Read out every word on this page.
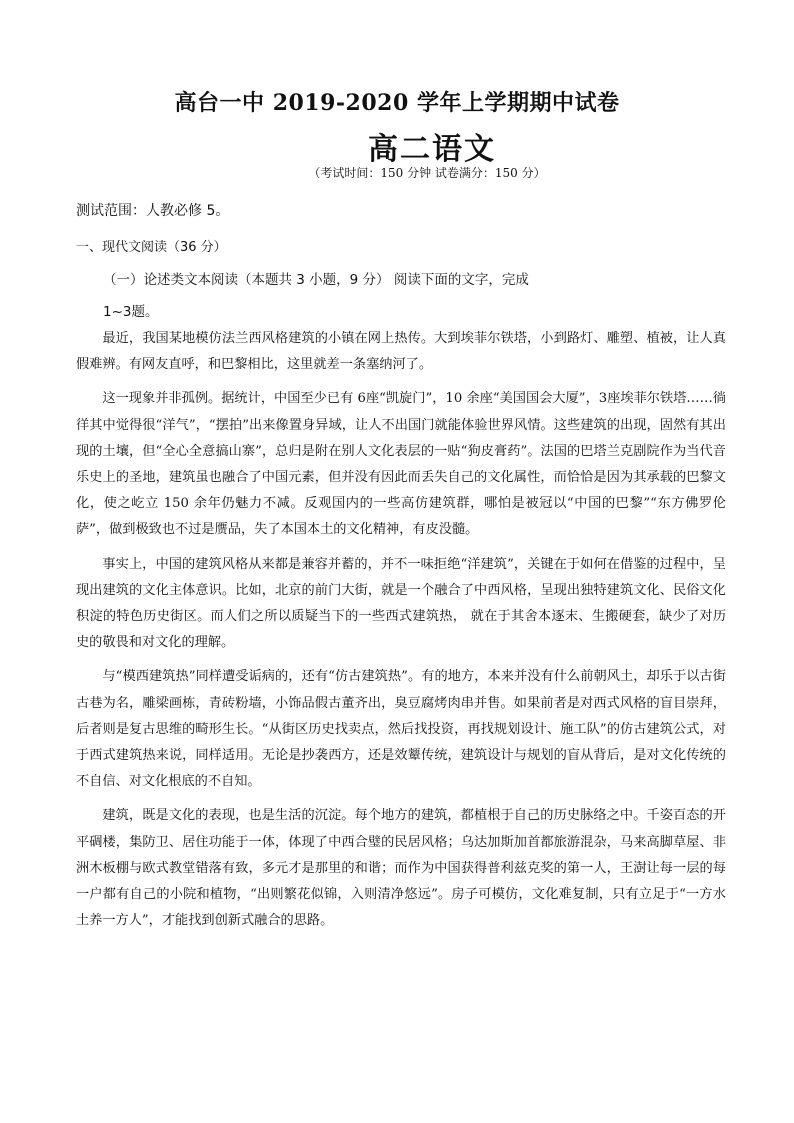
高台一中 2019-2020 学年上学期期中试卷
高二语文
（考试时间：150 分钟 试卷满分：150 分）
测试范围：人教必修 5。
一、现代文阅读（36 分）
（一）论述类文本阅读（本题共 3 小题，9 分） 阅读下面的文字，完成
1~3题。

最近，我国某地模仿法兰西风格建筑的小镇在网上热传。大到埃菲尔铁塔，小到路灯、雕塑、植被，让人真假难辨。有网友直呼，和巴黎相比，这里就差一条塞纳河了。

这一现象并非孤例。据统计，中国至少已有 6座“凯旋门”，10 余座“美国国会大厦”，3座埃菲尔铁塔……徜徉其中觉得很“洋气”，“摆拍”出来像置身异域，让人不出国门就能体验世界风情。这些建筑的出现，固然有其出现的土壤，但“全心全意搞山寨”，总归是附在别人文化表层的一贴“狗皮膏药”。法国的巴塔兰克剧院作为当代音乐史上的圣地，建筑虽也融合了中国元素，但并没有因此而丢失自己的文化属性，而恰恰是因为其承载的巴黎文化，使之屹立 150 余年仍魅力不减。反观国内的一些高仿建筑群，哪怕是被冠以“中国的巴黎”“东方佛罗伦萨”，做到极致也不过是赝品，失了本国本土的文化精神，有皮没髓。

事实上，中国的建筑风格从来都是兼容并蓄的，并不一味拒绝“洋建筑”，关键在于如何在借鉴的过程中，呈现出建筑的文化主体意识。比如，北京的前门大街，就是一个融合了中西风格，呈现出独特建筑文化、民俗文化积淀的特色历史街区。而人们之所以质疑当下的一些西式建筑热， 就在于其舍本逐末、生搬硬套，缺少了对历史的敬畏和对文化的理解。

与“模西建筑热”同样遭受诟病的，还有“仿古建筑热”。有的地方，本来并没有什么前朝风土，却乐于以古街古巷为名，雕梁画栋，青砖粉墙，小饰品假古董齐出，臭豆腐烤肉串并售。如果前者是对西式风格的盲目崇拜，后者则是复古思维的畸形生长。“从街区历史找卖点，然后找投资，再找规划设计、施工队”的仿古建筑公式，对于西式建筑热来说，同样适用。无论是抄袭西方，还是效颦传统，建筑设计与规划的盲从背后，是对文化传统的不自信、对文化根底的不自知。

建筑，既是文化的表现，也是生活的沉淀。每个地方的建筑，都植根于自己的历史脉络之中。千姿百态的开平碉楼，集防卫、居住功能于一体，体现了中西合璧的民居风格；乌达加斯加首都旅游混杂，马来高脚草屋、非洲木板棚与欧式教堂错落有致，多元才是那里的和谐；而作为中国获得普利兹克奖的第一人，王澍让每一层的每一户都有自己的小院和植物，“出则繁花似锦，入则清净悠远”。房子可模仿，文化难复制，只有立足于“一方水土养一方人”，才能找到创新式融合的思路。
